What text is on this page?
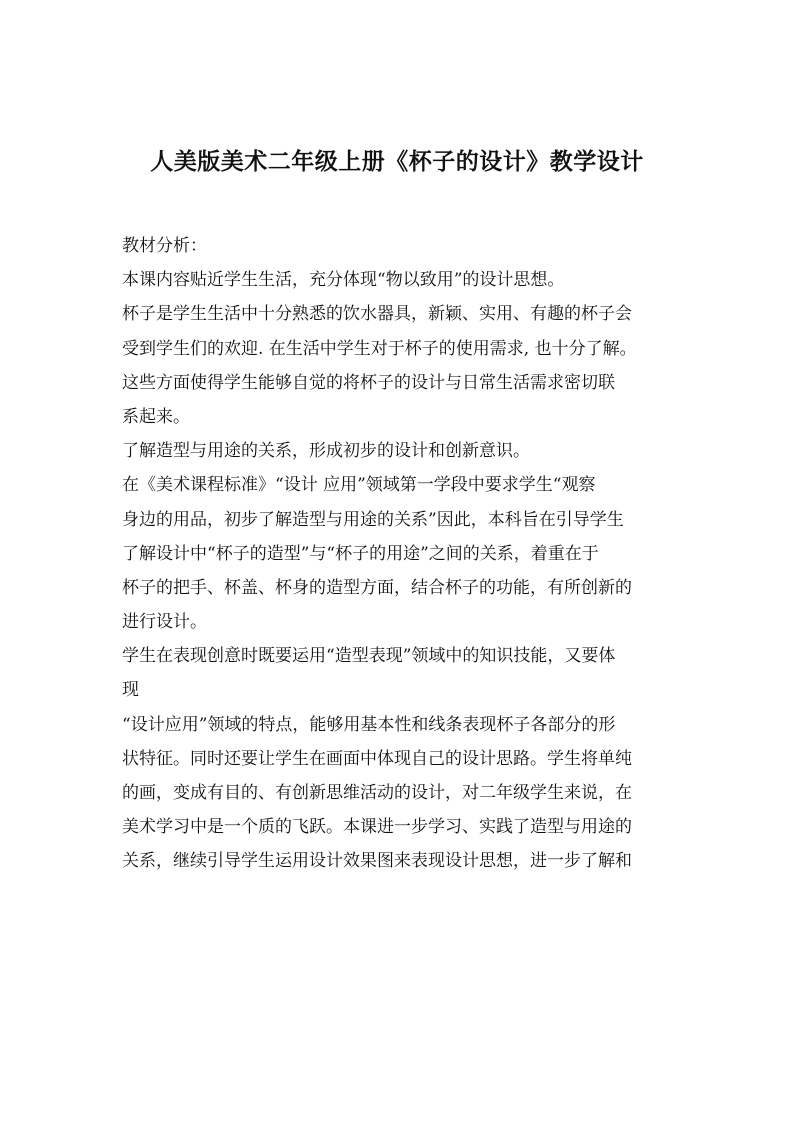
人美版美术二年级上册《杯子的设计》教学设计
教材分析：
本课内容贴近学生生活，充分体现“物以致用”的设计思想。
杯子是学生生活中十分熟悉的饮水器具，新颖、实用、有趣的杯子会
受到学生们的欢迎. 在生活中学生对于杯子的使用需求, 也十分了解。
这些方面使得学生能够自觉的将杯子的设计与日常生活需求密切联
系起来。
了解造型与用途的关系，形成初步的设计和创新意识。
在《美术课程标准》“设计 应用”领域第一学段中要求学生“观察
身边的用品，初步了解造型与用途的关系”因此，本科旨在引导学生
了解设计中“杯子的造型”与“杯子的用途”之间的关系，着重在于
杯子的把手、杯盖、杯身的造型方面，结合杯子的功能，有所创新的
进行设计。
学生在表现创意时既要运用“造型表现”领域中的知识技能，又要体
现
“设计应用”领域的特点，能够用基本性和线条表现杯子各部分的形
状特征。同时还要让学生在画面中体现自己的设计思路。学生将单纯
的画，变成有目的、有创新思维活动的设计，对二年级学生来说，在
美术学习中是一个质的飞跃。本课进一步学习、实践了造型与用途的
关系，继续引导学生运用设计效果图来表现设计思想，进一步了解和
